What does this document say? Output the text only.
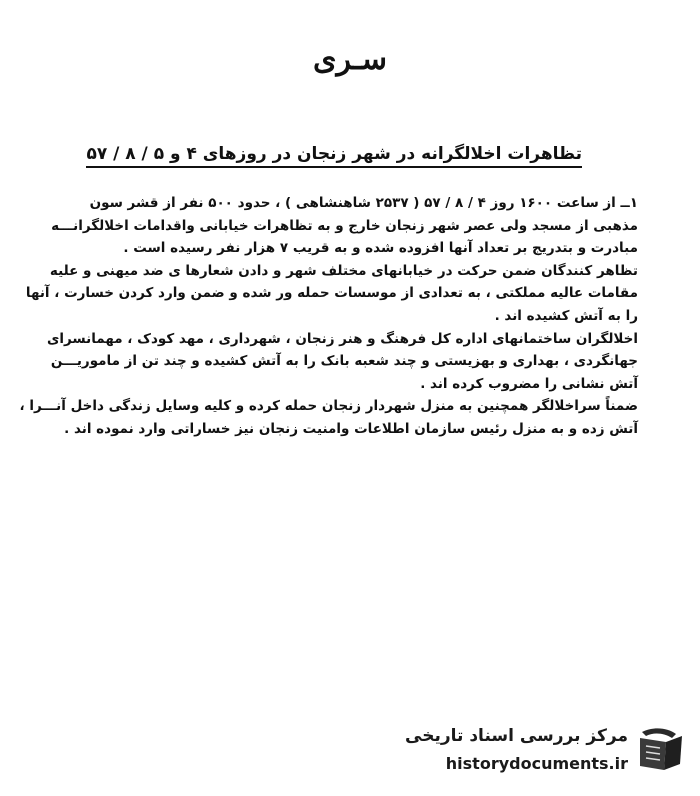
سـرى
تظاهرات اخلالگرانه در شهر زنجان در روزهای ۴ و ۵ / ۸ / ۵۷
۱ــ از ساعت ۱۶۰۰ روز ۴ / ۸ / ۵۷ ( ۲۵۳۷ شاهنشاهی ) ، حدود ۵۰۰ نفر از قشر سون
مذهبی از مسجد ولی عصر شهر زنجان خارج و به تظاهرات خیابانی واقدامات اخلالگرانـــه
مبادرت و بتدریج بر تعداد آنها افزوده شده و به قریب ۷ هزار نفر رسیده است .
تظاهر کنندگان ضمن حرکت در خیابانهای مختلف شهر و دادن شعارها ی ضد میهنی و علیه
مقامات عالیه مملکتی ، به تعدادی از موسسات حمله ور شده و ضمن وارد کردن خسارت ، آنها
را به آتش کشیده اند .
اخلالگران ساختمانهای اداره کل فرهنگ و هنر زنجان ، شهرداری ، مهد کودک ، مهمانسرای
جهانگردی ، بهداری و بهزیستی و چند شعبه بانک را به آتش کشیده و چند تن از ماموریـــن
آتش نشانی را مضروب کرده اند .
ضمناً سراخلالگر همچنین به منزل شهردار زنجان حمله کرده و کلیه وسایل زندگی داخل آنـــرا ،
آتش زده و به منزل رئیس سازمان اطلاعات وامنیت زنجان نیز خساراتی وارد نموده اند .
مرکز بررسی اسناد تاریخی
historydocuments.ir
